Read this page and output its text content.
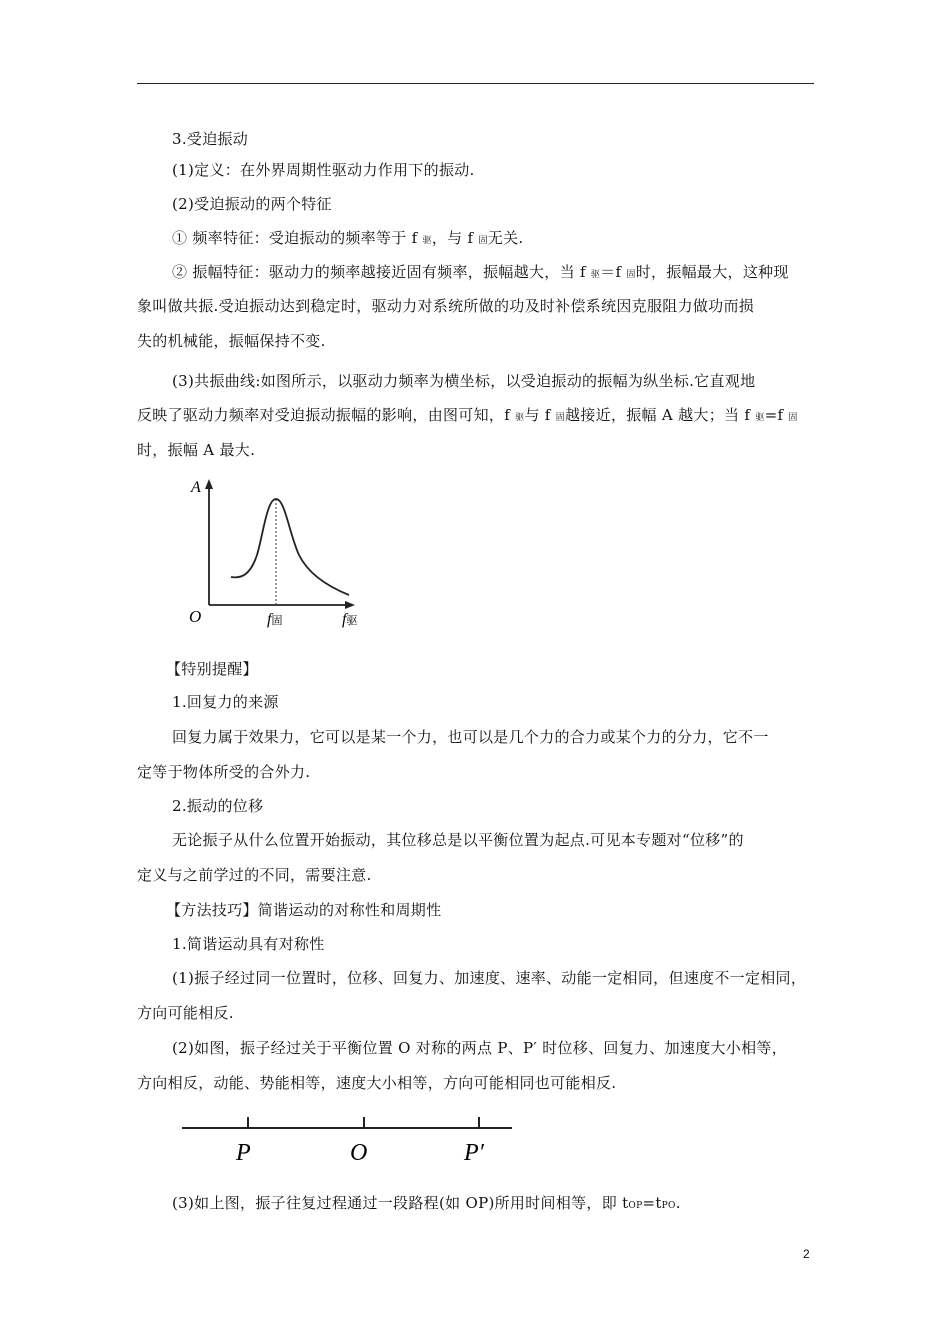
3.受迫振动
(1)定义：在外界周期性驱动力作用下的振动.
(2)受迫振动的两个特征
① 频率特征：受迫振动的频率等于 f 驱，与 f 固无关.
② 振幅特征：驱动力的频率越接近固有频率，振幅越大，当 f 驱＝f 固时，振幅最大，这种现
象叫做共振.受迫振动达到稳定时，驱动力对系统所做的功及时补偿系统因克服阻力做功而损
失的机械能，振幅保持不变.
(3)共振曲线:如图所示，以驱动力频率为横坐标，以受迫振动的振幅为纵坐标.它直观地
反映了驱动力频率对受迫振动振幅的影响，由图可知，f 驱与 f 固越接近，振幅 A 越大；当 f 驱=f 固
时，振幅 A 最大.
A
O	f固	f驱
【特别提醒】
1.回复力的来源
回复力属于效果力，它可以是某一个力，也可以是几个力的合力或某个力的分力，它不一
定等于物体所受的合外力.
2.振动的位移
无论振子从什么位置开始振动，其位移总是以平衡位置为起点.可见本专题对“位移”的
定义与之前学过的不同，需要注意.
【方法技巧】简谐运动的对称性和周期性
1.简谐运动具有对称性
(1)振子经过同一位置时，位移、回复力、加速度、速率、动能一定相同，但速度不一定相同，
方向可能相反.
(2)如图，振子经过关于平衡位置 O 对称的两点 P、P′ 时位移、回复力、加速度大小相等，
方向相反，动能、势能相等，速度大小相等，方向可能相同也可能相反.
P	O	P′
(3)如上图，振子往复过程通过一段路程(如 OP)所用时间相等，即 tOP=tPO.
2
